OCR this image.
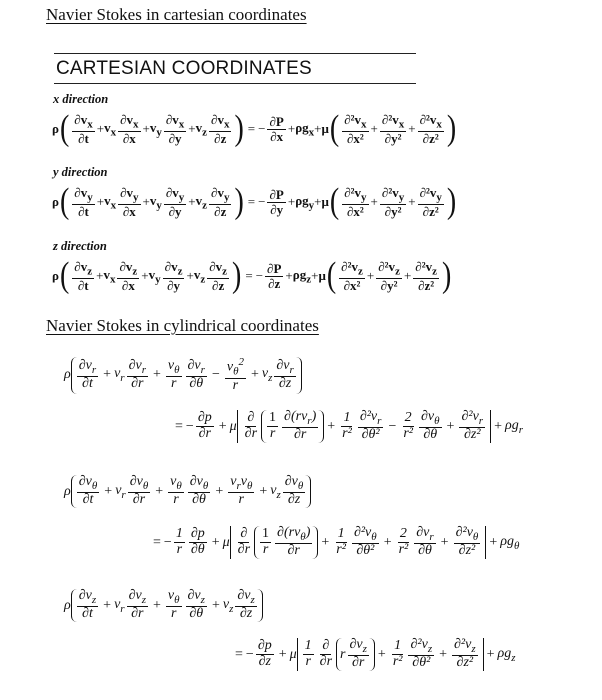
Navier Stokes in cartesian coordinates
CARTESIAN COORDINATES
x direction
ρ ( $\frac{\partial v_x}{\partial t} + v_x \frac{\partial v_x}{\partial x} + v_y \frac{\partial v_x}{\partial y} + v_z \frac{\partial v_x}{\partial z}$ ) = − $\frac{\partial P}{\partial x} + \rho g_x + \mu$ ( $\frac{\partial^2v_x}{\text{∂x²}} + \frac{\partial^2v_x}{\text{∂y²}} + \frac{\partial^2v_x}{\text{∂z²}}$ )
y direction
ρ ( $\frac{\partial v_y}{\partial t} + v_x \frac{\partial v_y}{\partial x} + v_y \frac{\partial v_y}{\partial y} + v_z \frac{\partial v_y}{\partial z}$ ) = − $\frac{\partial P}{\partial y} + \rho g_y + \mu$ ( $\frac{\partial^2v_y}{\text{∂x²}} + \frac{\partial^2v_y}{\text{∂y²}} + \frac{\partial^2v_y}{\text{∂z²}}$ )
z direction
ρ ( $\frac{\partial v_z}{\partial t} + v_x \frac{\partial v_z}{\partial x} + v_y \frac{\partial v_z}{\partial y} + v_z \frac{\partial v_z}{\partial z}$ ) = − $\frac{\partial P}{\partial z} + \rho g_z + \mu$ ( $\frac{\partial^2v_z}{\text{∂x²}} + \frac{\partial^2v_z}{\text{∂y²}} + \frac{\partial^2v_z}{\text{∂z²}}$ )
Navier Stokes in cylindrical coordinates
ρ $\frac{\partial v_r}{\partial t} + v_r \frac{\partial v_r}{\partial r} + \frac{v_\theta}{r} \frac{\partial v_r}{\partial\theta} - \frac{v_\theta^2}{r} + v_z \frac{\partial v_r}{\partial z}$
= − $\frac{\partial p}{\partial r} + \mu \frac{\partial}{\partial r} \frac{1}{r} \frac{\partial(rv_r)}{\partial r} + \frac{1}{\text{r²}} \frac{\partial^2v_r}{\text{∂θ²}} - \frac{2}{\text{r²}} \frac{\partial v_\theta}{\partial\theta} + \frac{\partial^2v_r}{\text{∂z²}} + \rho g_r$
ρ $\frac{\partial v_\theta}{\partial t} + v_r \frac{\partial v_\theta}{\partial r} + \frac{v_\theta}{r} \frac{\partial v_\theta}{\partial\theta} + \frac{v_rv_\theta}{r} + v_z \frac{\partial v_\theta}{\partial z}$
= − $\frac{1}{r} \frac{\partial p}{\partial\theta} + \mu \frac{\partial}{\partial r} \frac{1}{r} \frac{\partial(rv_\theta)}{\partial r} + \frac{1}{\text{r²}} \frac{\partial^2v_\theta}{\text{∂θ²}} + \frac{2}{\text{r²}} \frac{\partial v_r}{\partial\theta} + \frac{\partial^2v_\theta}{\text{∂z²}} + \rho g_\theta$
ρ $\frac{\partial v_z}{\partial t} + v_r \frac{\partial v_z}{\partial r} + \frac{v_\theta}{r} \frac{\partial v_z}{\partial\theta} + v_z \frac{\partial v_z}{\partial z}$
= − $\frac{\partial p}{\partial z} + \mu \frac{1}{r} \frac{\partial}{\partial r}$ r $\frac{\partial v_z}{\partial r} + \frac{1}{\text{r²}} \frac{\partial^2v_z}{\text{∂θ²}} + \frac{\partial^2v_z}{\text{∂z²}} + \rho g_z$
